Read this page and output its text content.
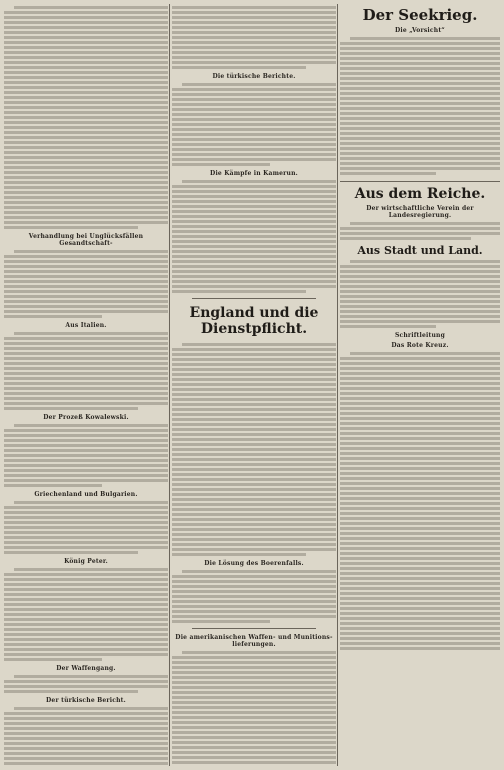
Verhandlung bei Unglücksfällen Gesandtschaft-
Aus Italien.
Der Prozeß Kowalewski.
Griechenland und Bulgarien.
König Peter.
Der Waffengang.
Der türkische Bericht.
Die türkische Berichte.
Die Kämpfe in Kamerun.
England und die Dienstpflicht.
Die Lösung des Boerenfalls.
Die amerikanischen Waffen- und Munitions-lieferungen.
Der Seekrieg.
Die „Vorsicht“
Aus dem Reiche.
Der wirtschaftliche Verein der Landesregierung.
Aus Stadt und Land.
Schriftleitung
Das Rote Kreuz.
